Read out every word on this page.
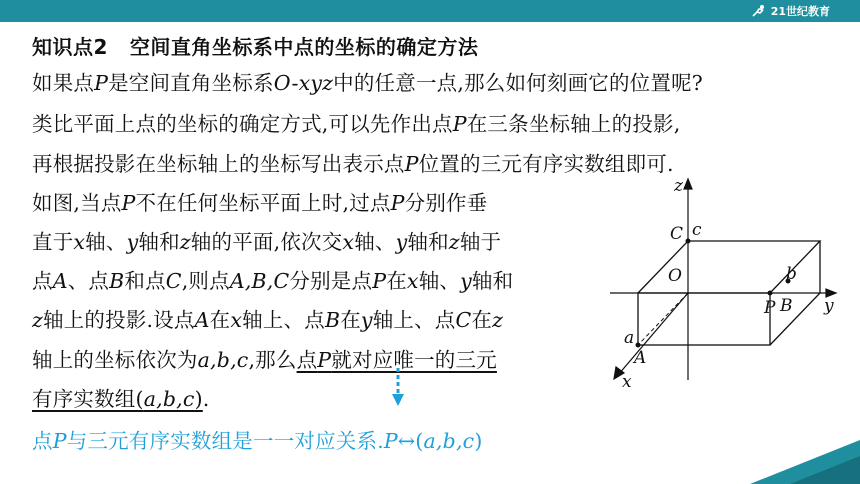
21世纪教育
知识点2 空间直角坐标系中点的坐标的确定方法
如果点P是空间直角坐标系O-xyz中的任意一点,那么如何刻画它的位置呢?
类比平面上点的坐标的确定方式,可以先作出点P在三条坐标轴上的投影,
再根据投影在坐标轴上的坐标写出表示点P位置的三元有序实数组即可.
如图,当点P不在任何坐标平面上时,过点P分别作垂
直于x轴、y轴和z轴的平面,依次交x轴、y轴和z轴于
点A、点B和点C,则点A,B,C分别是点P在x轴、y轴和
z轴上的投影.设点A在x轴上、点B在y轴上、点C在z
轴上的坐标依次为a,b,c,那么点P就对应唯一的三元
有序实数组(a,b,c).
点P与三元有序实数组是一一对应关系.P↔(a,b,c)
z
y
x
O
C c
B
b
P
a
A
